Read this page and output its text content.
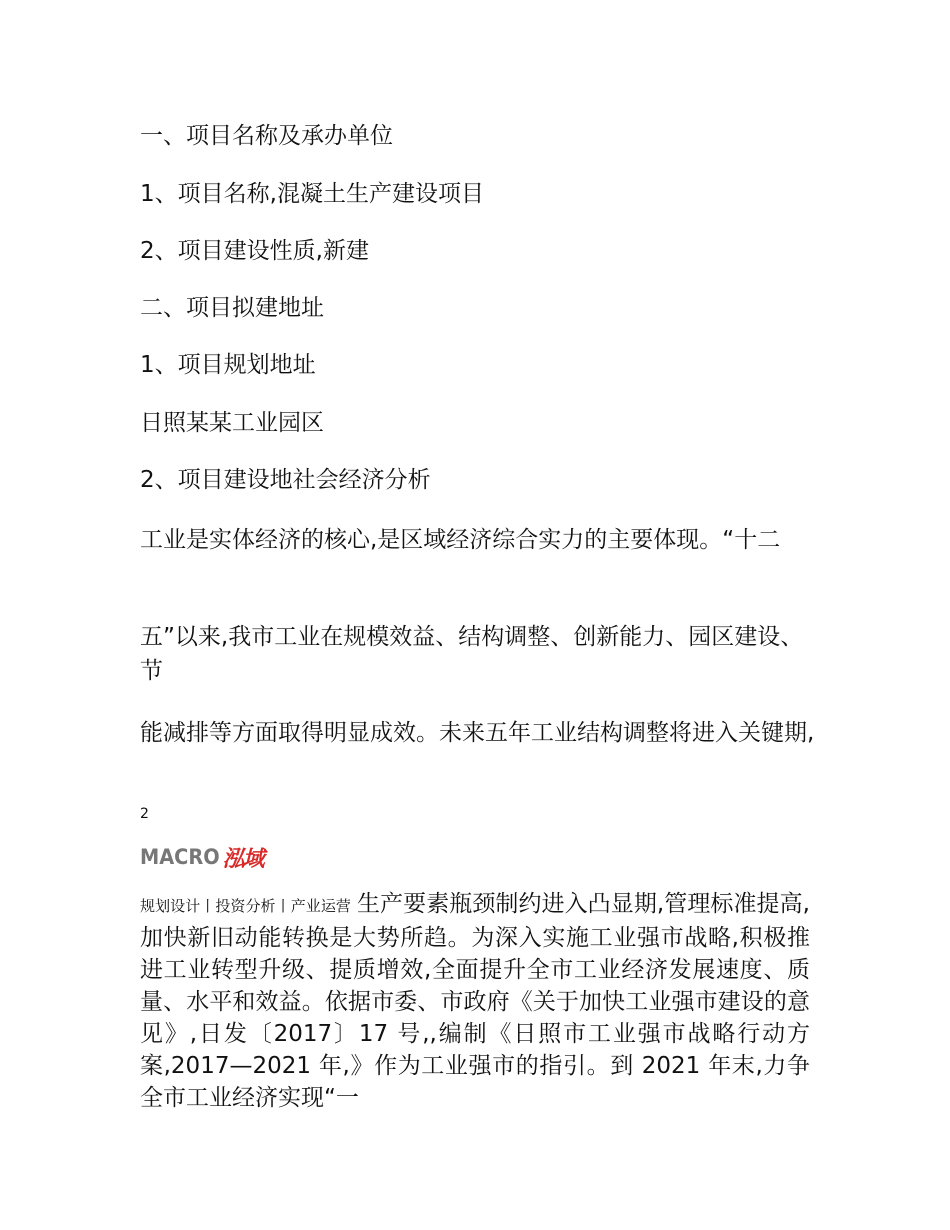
一、项目名称及承办单位
1、项目名称,混凝土生产建设项目
2、项目建设性质,新建
二、项目拟建地址
1、项目规划地址
日照某某工业园区
2、项目建设地社会经济分析
工业是实体经济的核心,是区域经济综合实力的主要体现。“十二
五”以来,我市工业在规模效益、结构调整、创新能力、园区建设、节
能减排等方面取得明显成效。未来五年工业结构调整将进入关键期,
2
MACRO 泓域
规划设计丨投资分析丨产业运营 生产要素瓶颈制约进入凸显期,管理标准提高,加快新旧动能转换是大势所趋。为深入实施工业强市战略,积极推进工业转型升级、提质增效,全面提升全市工业经济发展速度、质量、水平和效益。依据市委、市政府《关于加快工业强市建设的意见》,日发〔2017〕17 号,,编制《日照市工业强市战略行动方案,2017—2021 年,》作为工业强市的指引。到 2021 年末,力争全市工业经济实现“一
